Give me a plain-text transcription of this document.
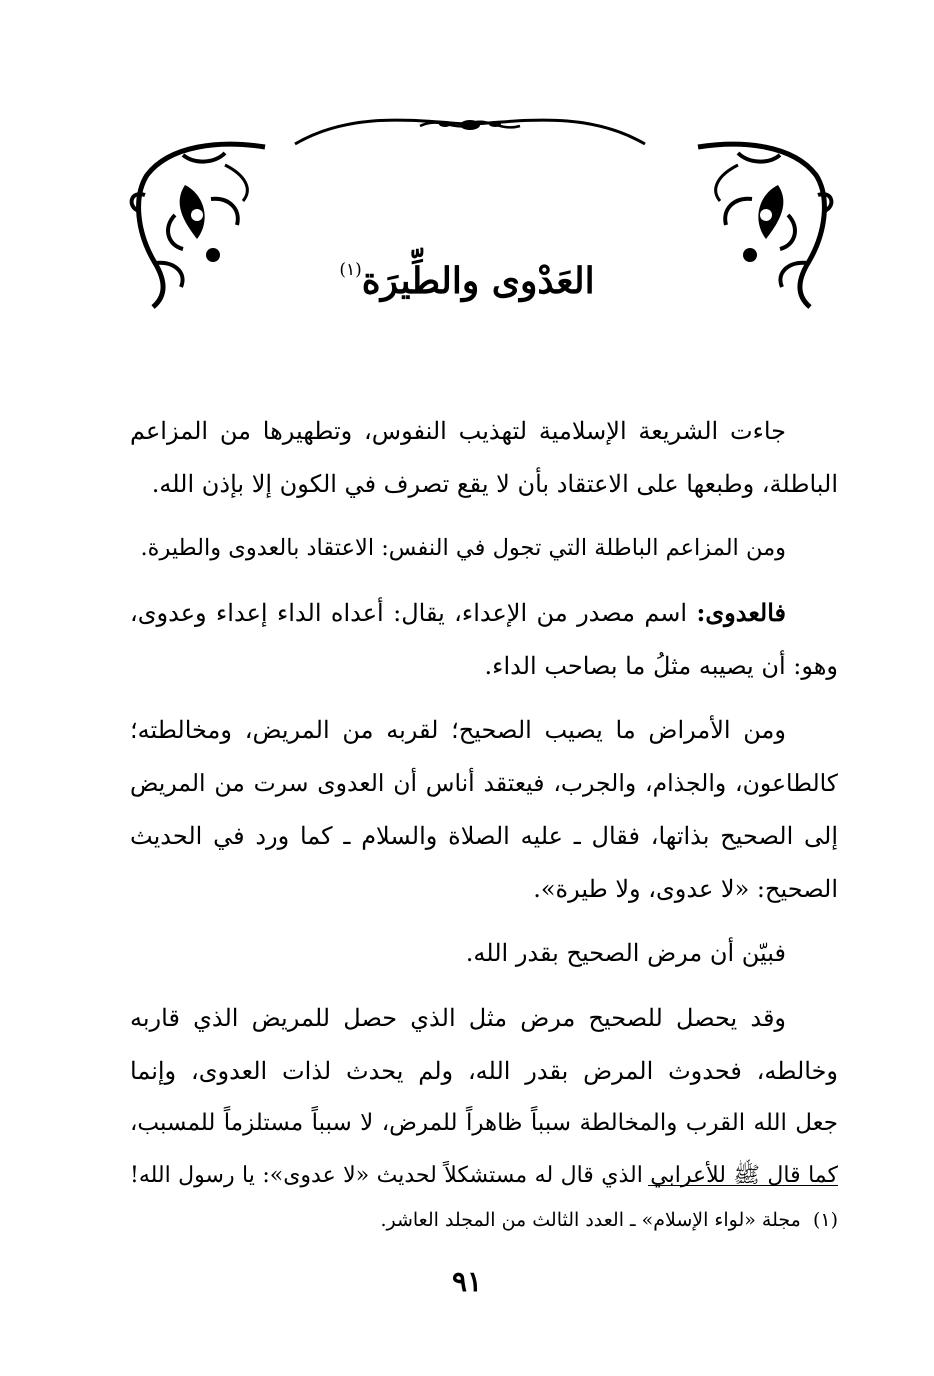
العَدْوى والطِّيرَة$^{(١)}$
جاءت الشريعة الإسلامية لتهذيب النفوس، وتطهيرها من المزاعم
الباطلة، وطبعها على الاعتقاد بأن لا يقع تصرف في الكون إلا بإذن الله.
ومن المزاعم الباطلة التي تجول في النفس: الاعتقاد بالعدوى والطيرة.
فالعدوى: اسم مصدر من الإعداء، يقال: أعداه الداء إعداء وعدوى،
وهو: أن يصيبه مثلُ ما بصاحب الداء.
ومن الأمراض ما يصيب الصحيح؛ لقربه من المريض، ومخالطته؛
كالطاعون، والجذام، والجرب، فيعتقد أناس أن العدوى سرت من المريض
إلى الصحيح بذاتها، فقال ـ عليه الصلاة والسلام ـ كما ورد في الحديث
الصحيح: «لا عدوى، ولا طيرة».
فبيّن أن مرض الصحيح بقدر الله.
وقد يحصل للصحيح مرض مثل الذي حصل للمريض الذي قاربه
وخالطه، فحدوث المرض بقدر الله، ولم يحدث لذات العدوى، وإنما
جعل الله القرب والمخالطة سبباً ظاهراً للمرض، لا سبباً مستلزماً للمسبب،
كما قال ﷺ للأعرابي الذي قال له مستشكلاً لحديث «لا عدوى»: يا رسول الله!
(١)  مجلة «لواء الإسلام» ـ العدد الثالث من المجلد العاشر.
٩١
